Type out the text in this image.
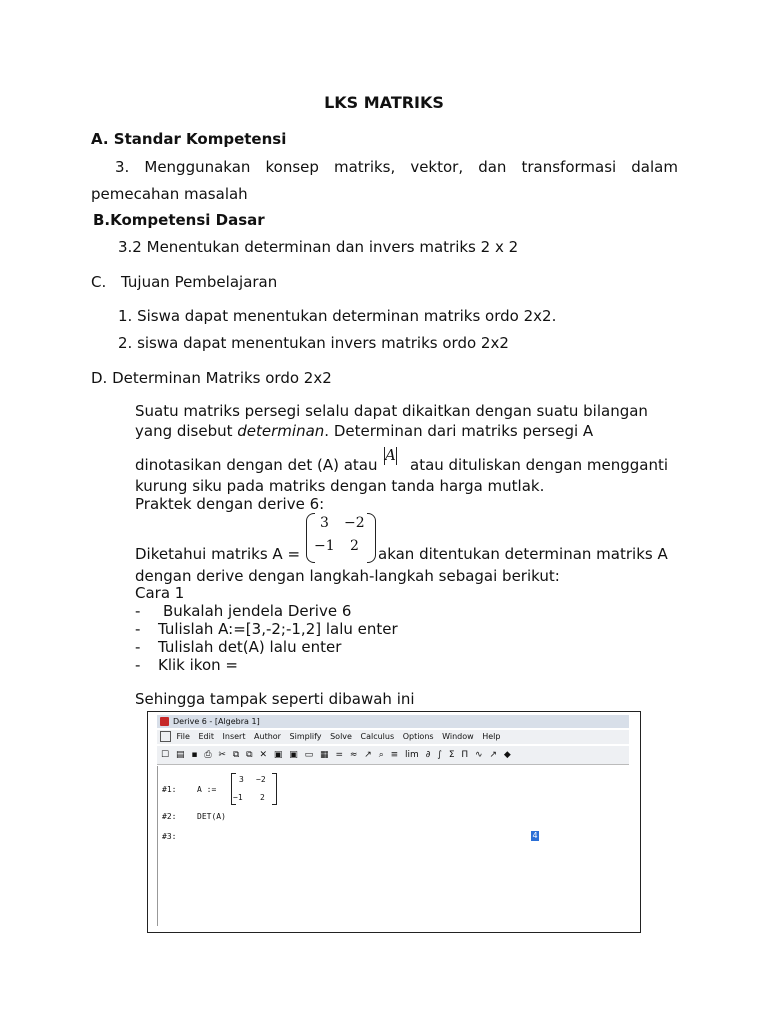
LKS MATRIKS
A. Standar Kompetensi
3. Menggunakan konsep matriks, vektor, dan transformasi dalam
pemecahan masalah
B.Kompetensi Dasar
3.2 Menentukan determinan dan invers matriks 2 x 2
C. Tujuan Pembelajaran
1. Siswa dapat menentukan determinan matriks ordo 2x2.
2. siswa dapat menentukan invers matriks ordo 2x2
D. Determinan Matriks ordo 2x2
Suatu matriks persegi selalu dapat dikaitkan dengan suatu bilangan
yang disebut determinan. Determinan dari matriks persegi A
dinotasikan dengan det (A) atau
A
atau dituliskan dengan mengganti
kurung siku pada matriks dengan tanda harga mutlak.
Praktek dengan derive 6:
Diketahui matriks A =
3 −2
−1 2 akan ditentukan determinan matriks A
dengan derive dengan langkah-langkah sebagai berikut:
Cara 1
- Bukalah jendela Derive 6
- Tulislah A:=[3,-2;-1,2] lalu enter
- Tulislah det(A) lalu enter
- Klik ikon =
Sehingga tampak seperti dibawah ini
Derive 6 - [Algebra 1]
File Edit Insert Author Simplify Solve Calculus Options Window Help
☐ ▤ ▪ ⎙ ✂ ⧉ ⧉ ✕ ▣ ▣ ▭ ▦ = ≈ ↗ ⌕ ≡ lim ∂ ∫ Σ Π ∿ ↗ ◆
#1:	A :=
3 −2
−1 2
#2:	DET(A)
#3:	4
